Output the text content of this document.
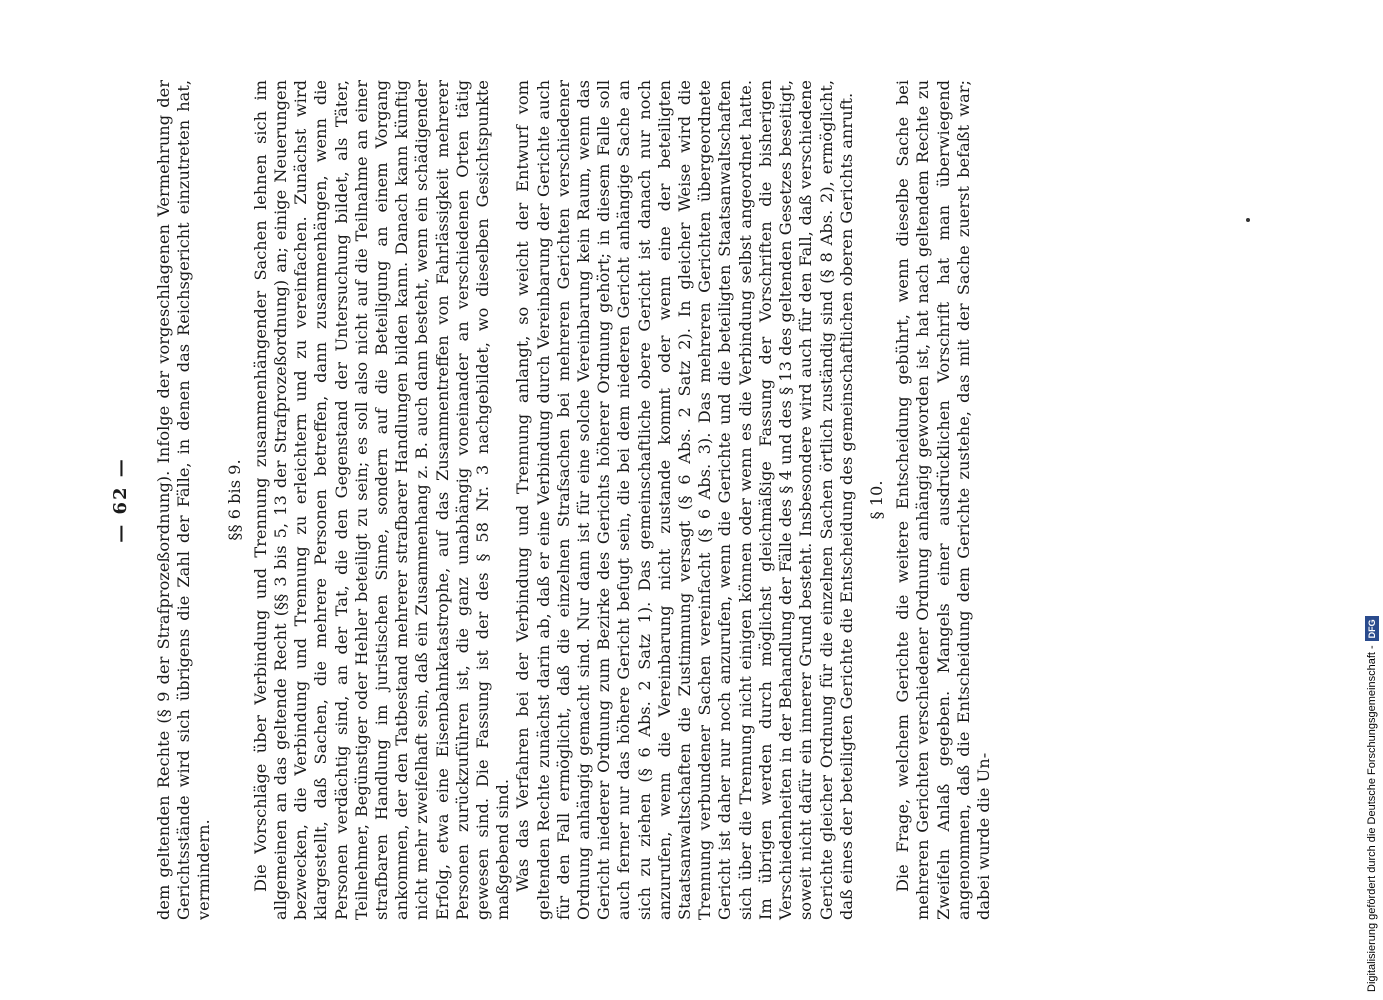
— 62 — dem geltenden Rechte (§ 9 der Strafprozeßordnung). Infolge der vorgeschlagenen Vermehrung der Gerichtsstände wird sich übrigens die Zahl der Fälle, in denen das Reichsgericht einzutreten hat, vermindern.

§§ 6 bis 9. Die Vorschläge über Verbindung und Trennung zusammenhängender Sachen lehnen sich im allgemeinen an das geltende Recht (§§ 3 bis 5, 13 der Strafprozeßordnung) an; einige Neuerungen bezwecken, die Verbindung und Trennung zu erleichtern und zu vereinfachen. Zunächst wird klargestellt, daß Sachen, die mehrere Personen betreffen, dann zusammenhängen, wenn die Personen verdächtig sind, an der Tat, die den Gegenstand der Untersuchung bildet, als Täter, Teilnehmer, Begünstiger oder Hehler beteiligt zu sein; es soll also nicht auf die Teilnahme an einer strafbaren Handlung im juristischen Sinne, sondern auf die Beteiligung an einem Vorgang ankommen, der den Tatbestand mehrerer strafbarer Handlungen bilden kann. Danach kann künftig nicht mehr zweifelhaft sein, daß ein Zusammenhang z. B. auch dann besteht, wenn ein schädigender Erfolg, etwa eine Eisenbahnkatastrophe, auf das Zusammentreffen von Fahrlässigkeit mehrerer Personen zurückzuführen ist, die ganz unabhängig voneinander an verschiedenen Orten tätig gewesen sind. Die Fassung ist der des § 58 Nr. 3 nachgebildet, wo dieselben Gesichtspunkte maßgebend sind. Was das Verfahren bei der Verbindung und Trennung anlangt, so weicht der Entwurf vom geltenden Rechte zunächst darin ab, daß er eine Verbindung durch Vereinbarung der Gerichte auch für den Fall ermöglicht, daß die einzelnen Strafsachen bei mehreren Gerichten verschiedener Ordnung anhängig gemacht sind. Nur dann ist für eine solche Vereinbarung kein Raum, wenn das Gericht niederer Ordnung zum Bezirke des Gerichts höherer Ordnung gehört; in diesem Falle soll auch ferner nur das höhere Gericht befugt sein, die bei dem niederen Gericht anhängige Sache an sich zu ziehen (§ 6 Abs. 2 Satz 1). Das gemeinschaftliche obere Gericht ist danach nur noch anzurufen, wenn die Vereinbarung nicht zustande kommt oder wenn eine der beteiligten Staatsanwaltschaften die Zustimmung versagt (§ 6 Abs. 2 Satz 2). In gleicher Weise wird die Trennung verbundener Sachen vereinfacht (§ 6 Abs. 3). Das mehreren Gerichten übergeordnete Gericht ist daher nur noch anzurufen, wenn die Gerichte und die beteiligten Staatsanwaltschaften sich über die Trennung nicht einigen können oder wenn es die Verbindung selbst angeordnet hatte. Im übrigen werden durch möglichst gleichmäßige Fassung der Vorschriften die bisherigen Verschiedenheiten in der Behandlung der Fälle des § 4 und des § 13 des geltenden Gesetzes beseitigt, soweit nicht dafür ein innerer Grund besteht. Insbesondere wird auch für den Fall, daß verschiedene Gerichte gleicher Ordnung für die einzelnen Sachen örtlich zuständig sind (§ 8 Abs. 2), ermöglicht, daß eines der beteiligten Gerichte die Entscheidung des gemeinschaftlichen oberen Gerichts anruft. § 10. Die Frage, welchem Gerichte die weitere Entscheidung gebührt, wenn dieselbe Sache bei mehreren Gerichten verschiedener Ordnung anhängig geworden ist, hat nach geltendem Rechte zu Zweifeln Anlaß gegeben. Mangels einer ausdrücklichen Vorschrift hat man überwiegend angenommen, daß die Entscheidung dem Gerichte zustehe, das mit der Sache zuerst befaßt war; dabei wurde die Un-	Digitalisierung gefördert durch die Deutsche Forschungsgemeinschaft -DFG
